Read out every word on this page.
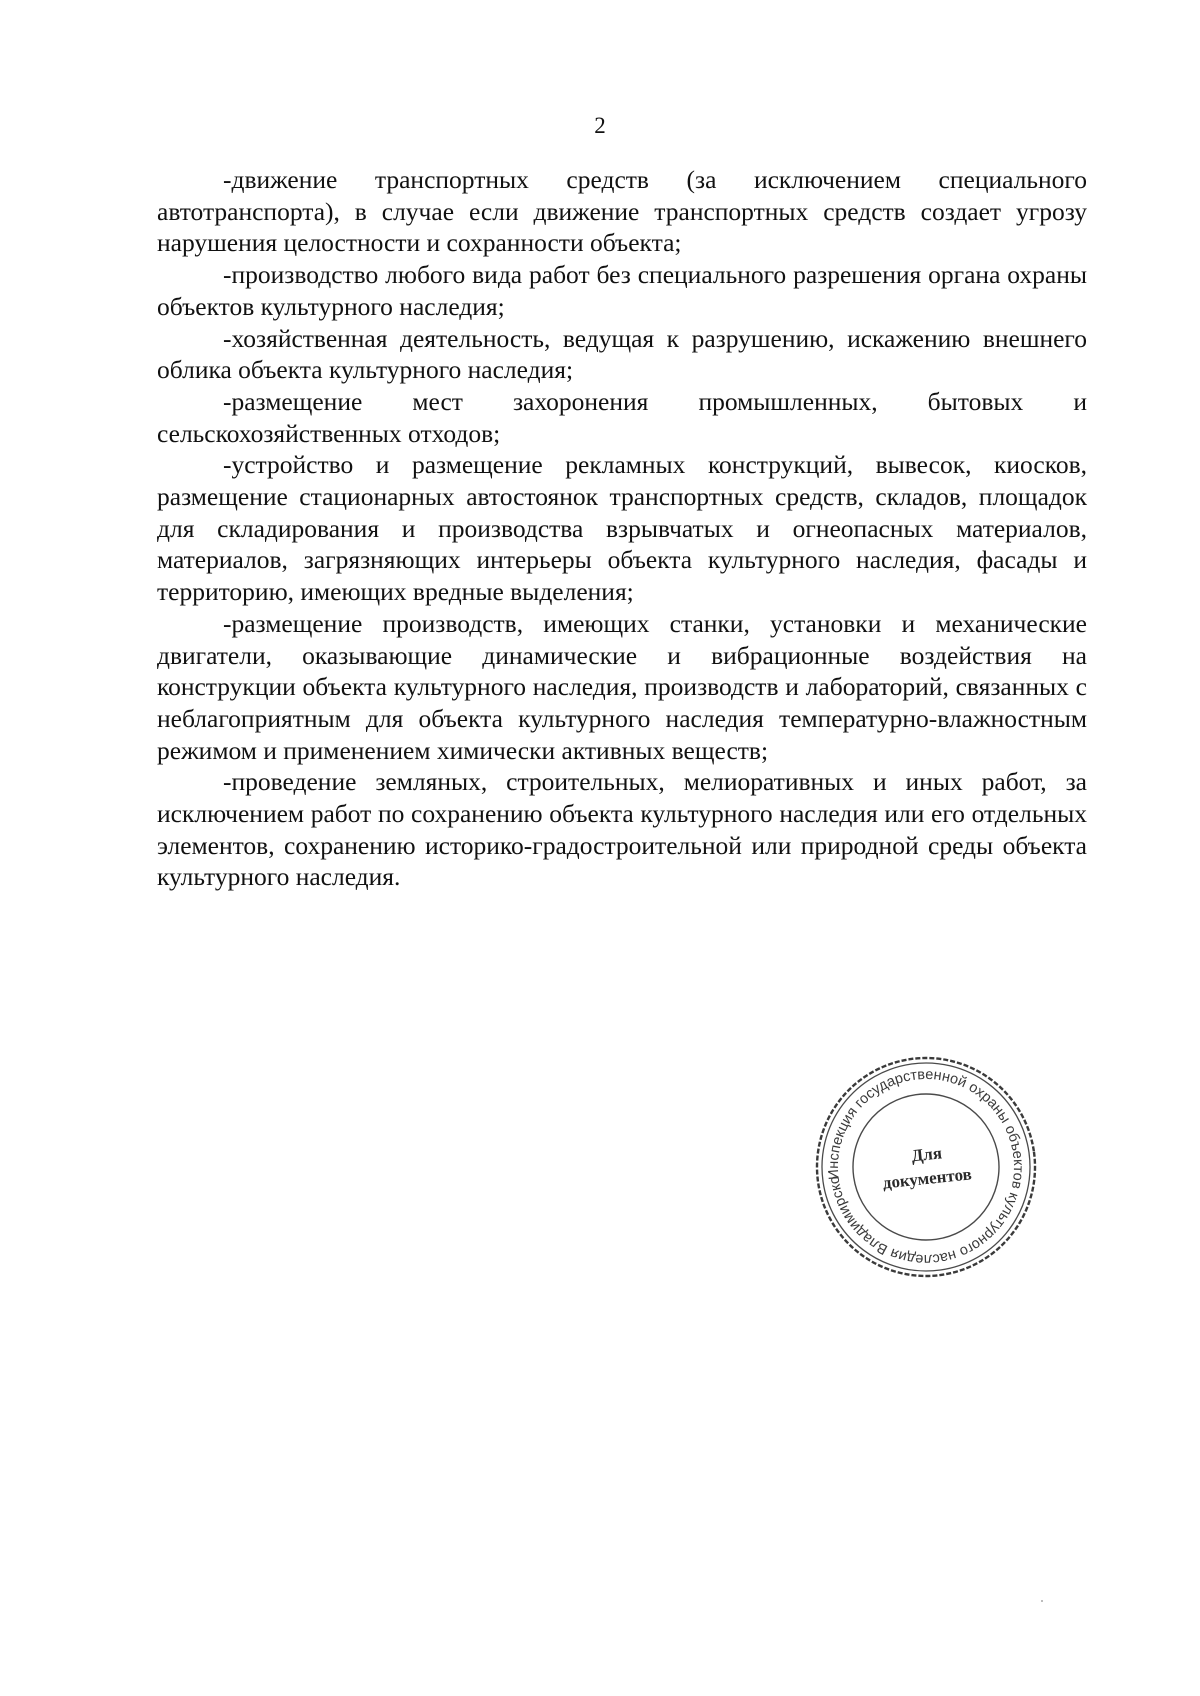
2

-движение транспортных средств (за исключением специального автотранспорта), в случае если движение транспортных средств создает угрозу нарушения целостности и сохранности объекта;

-производство любого вида работ без специального разрешения органа охраны объектов культурного наследия;

-хозяйственная деятельность, ведущая к разрушению, искажению внешнего облика объекта культурного наследия;

-размещение мест захоронения промышленных, бытовых и сельскохозяйственных отходов;

-устройство и размещение рекламных конструкций, вывесок, киосков, размещение стационарных автостоянок транспортных средств, складов, площадок для складирования и производства взрывчатых и огнеопасных материалов, материалов, загрязняющих интерьеры объекта культурного наследия, фасады и территорию, имеющих вредные выделения;

-размещение производств, имеющих станки, установки и механические двигатели, оказывающие динамические и вибрационные воздействия на конструкции объекта культурного наследия, производств и лабораторий, связанных с неблагоприятным для объекта культурного наследия температурно-влажностным режимом и применением химически активных веществ;

-проведение земляных, строительных, мелиоративных и иных работ, за исключением работ по сохранению объекта культурного наследия или его отдельных элементов, сохранению историко-градостроительной или природной среды объекта культурного наследия.

Инспекция государственной охраны объектов культурного наследия Владимирской
Для
документов
